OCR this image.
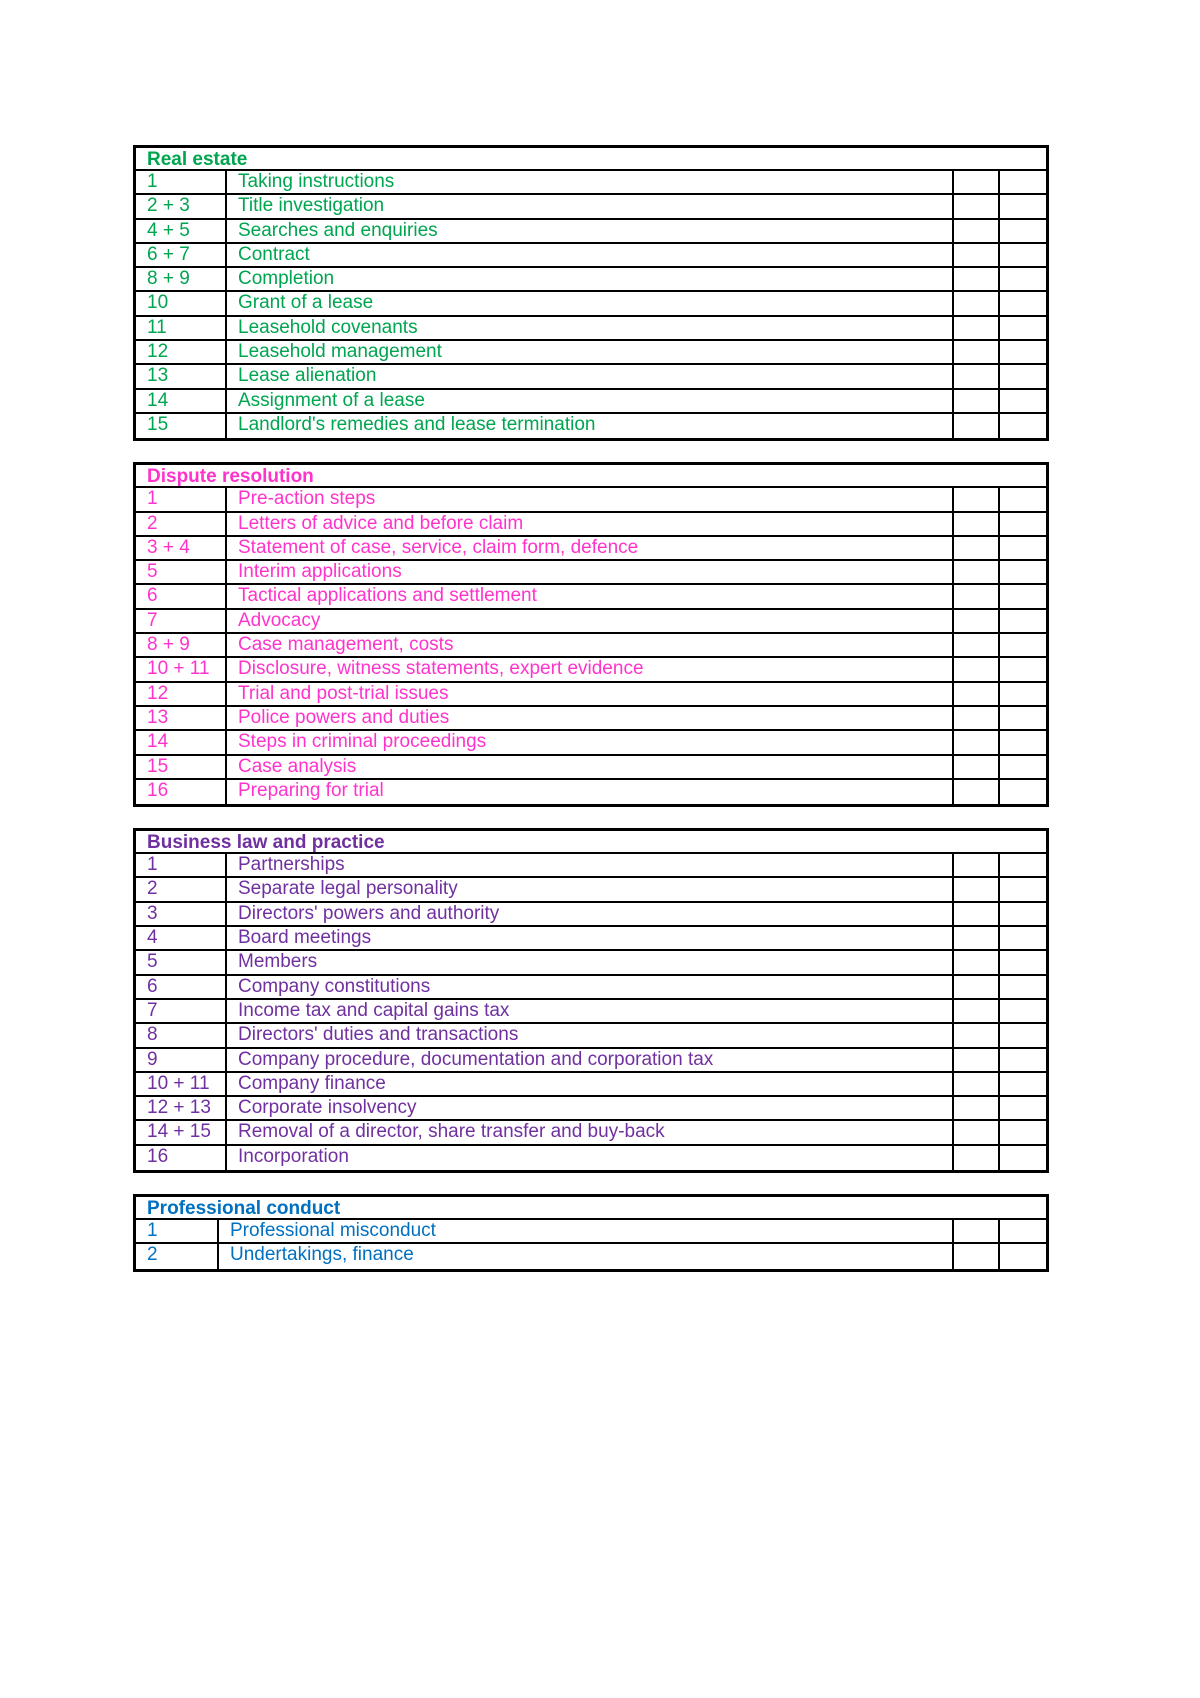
Real estate
1	Taking instructions
2 + 3	Title investigation
4 + 5	Searches and enquiries
6 + 7	Contract
8 + 9	Completion
10	Grant of a lease
11	Leasehold covenants
12	Leasehold management
13	Lease alienation
14	Assignment of a lease
15	Landlord's remedies and lease termination
Dispute resolution
1	Pre-action steps
2	Letters of advice and before claim
3 + 4	Statement of case, service, claim form, defence
5	Interim applications
6	Tactical applications and settlement
7	Advocacy
8 + 9	Case management, costs
10 + 11	Disclosure, witness statements, expert evidence
12	Trial and post-trial issues
13	Police powers and duties
14	Steps in criminal proceedings
15	Case analysis
16	Preparing for trial
Business law and practice
1	Partnerships
2	Separate legal personality
3	Directors' powers and authority
4	Board meetings
5	Members
6	Company constitutions
7	Income tax and capital gains tax
8	Directors' duties and transactions
9	Company procedure, documentation and corporation tax
10 + 11	Company finance
12 + 13	Corporate insolvency
14 + 15	Removal of a director, share transfer and buy-back
16	Incorporation
Professional conduct
1	Professional misconduct
2	Undertakings, finance
